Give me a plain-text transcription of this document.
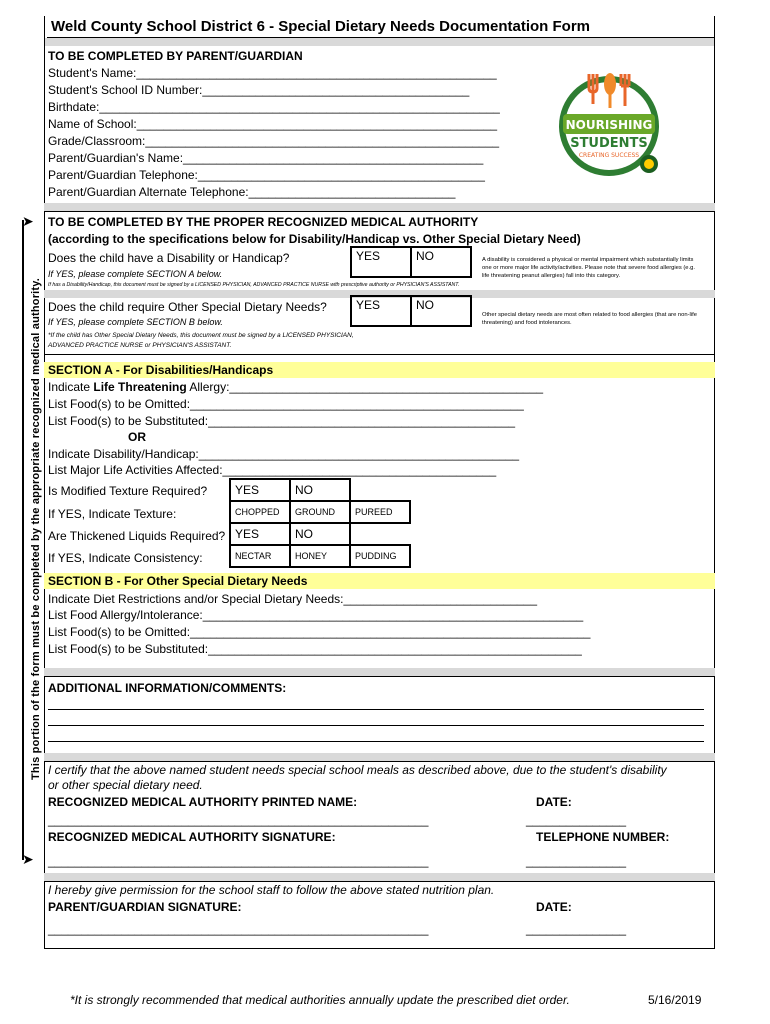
Weld County School District 6 - Special Dietary Needs Documentation Form
TO BE COMPLETED BY PARENT/GUARDIAN
Student's Name:______________________________________________________
Student's School ID Number:________________________________________
Birthdate:____________________________________________________________
Name of School:______________________________________________________
Grade/Classroom:_____________________________________________________
Parent/Guardian's Name:_____________________________________________
Parent/Guardian Telephone:___________________________________________
Parent/Guardian Alternate Telephone:_______________________________
NOURISHING
STUDENTS
CREATING SUCCESS
➤
➤
This portion of the form must be completed by the appropriate recognized medical authority.
TO BE COMPLETED BY THE PROPER RECOGNIZED MEDICAL AUTHORITY
(according to the specifications below for Disability/Handicap vs. Other Special Dietary Need)
Does the child have a Disability or Handicap?
If YES, please complete SECTION A below.
YES	NO	A disability is considered a physical or mental impairment which substantially limits one or more major life activity/activities. Please note that severe food allergies (e.g. life threatening peanut allergies) fall into this category.
If has a Disability/Handicap, this document must be signed by a LICENSED PHYSICIAN, ADVANCED PRACTICE NURSE with prescriptive authority or PHYSICIAN'S ASSISTANT.
Does the child require Other Special Dietary Needs?
If YES, please complete SECTION B below.
YES	NO
Other special dietary needs are most often related to food allergies (that are non-life threatening) and food intolerances.
*If the child has Other Special Dietary Needs, this document must be signed by a LICENSED PHYSICIAN,
ADVANCED PRACTICE NURSE or PHYSICIAN'S ASSISTANT.
SECTION A - For Disabilities/Handicaps
Indicate Life Threatening Allergy:_______________________________________________
List Food(s) to be Omitted:__________________________________________________
List Food(s) to be Substituted:______________________________________________
OR
Indicate Disability/Handicap:________________________________________________
List Major Life Activities Affected:_________________________________________
Is Modified Texture Required?	YES	NO
If YES, Indicate Texture:	CHOPPED	GROUND	PUREED
Are Thickened Liquids Required? YES	NO
If YES, Indicate Consistency:	NECTAR	HONEY	PUDDING
SECTION B - For Other Special Dietary Needs
Indicate Diet Restrictions and/or Special Dietary Needs:_____________________________
List Food Allergy/Intolerance:_________________________________________________________
List Food(s) to be Omitted:____________________________________________________________
List Food(s) to be Substituted:________________________________________________________
ADDITIONAL INFORMATION/COMMENTS:
I certify that the above named student needs special school meals as described above, due to the student's disability
or other special dietary need.
RECOGNIZED MEDICAL AUTHORITY PRINTED NAME:	DATE:
_________________________________________________________	_______________
RECOGNIZED MEDICAL AUTHORITY SIGNATURE:	TELEPHONE NUMBER:
_________________________________________________________	_______________
I hereby give permission for the school staff to follow the above stated nutrition plan.
PARENT/GUARDIAN SIGNATURE:	DATE:
_________________________________________________________	_______________
*It is strongly recommended that medical authorities annually update the prescribed diet order.	5/16/2019
